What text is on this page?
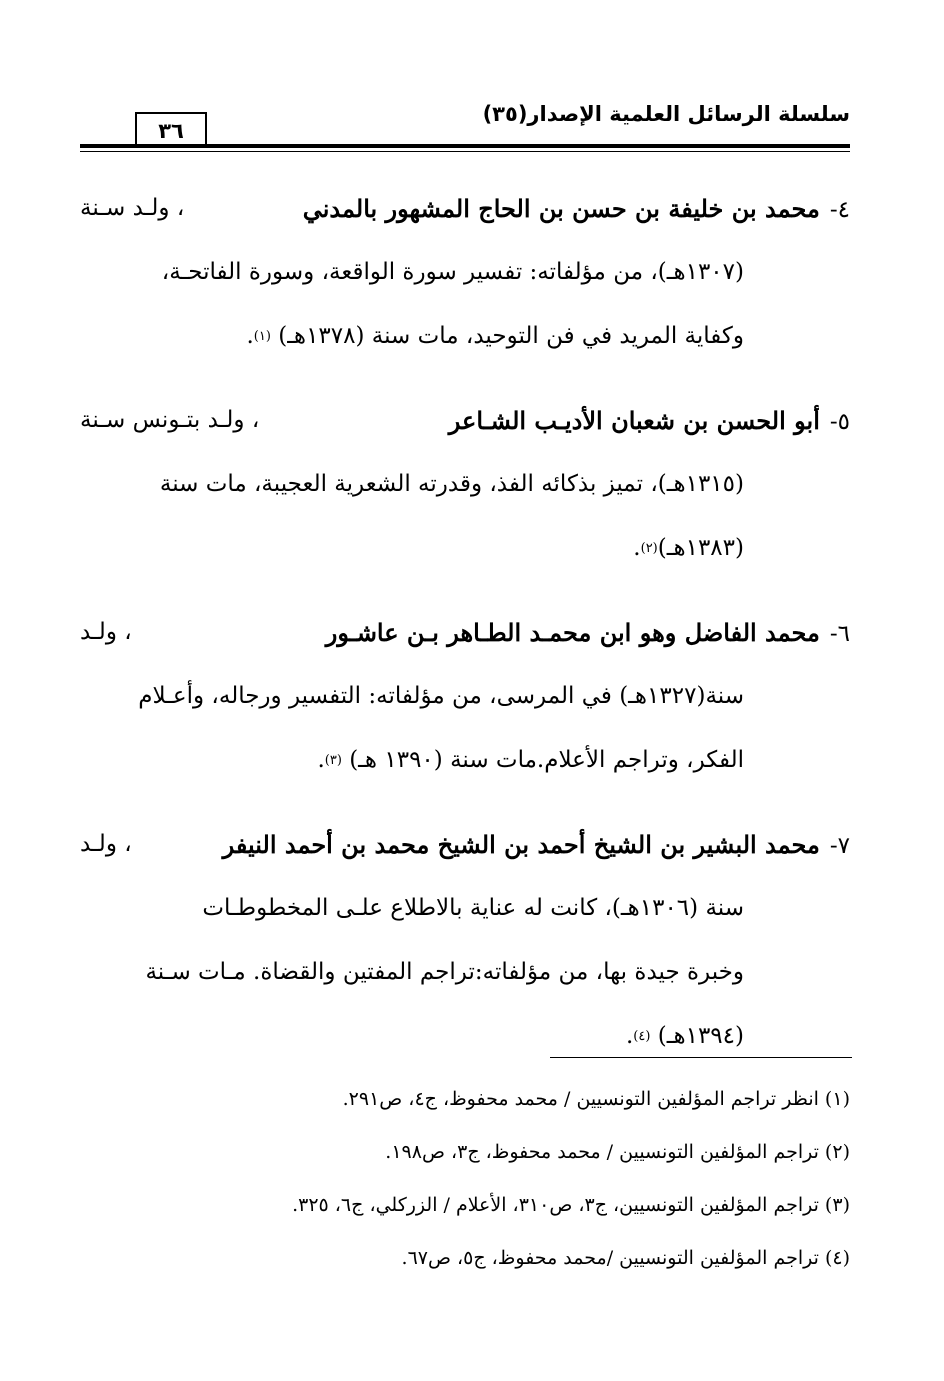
سلسلة الرسائل العلمية الإصدار(٣٥)
٣٦
٤-محمد بن خليفة بن حسن بن الحاج المشهور بالمدني
، ولـد سـنة
(١٣٠٧هـ)، من مؤلفاته: تفسير سورة الواقعة، وسورة الفاتحـة،
وكفاية المريد في فن التوحيد، مات سنة (١٣٧٨هـ)

(١)
.
٥-أبو الحسن بن شعبان الأديـب الشـاعر
، ولـد بتـونس سـنة
(١٣١٥هـ)، تميز بذكائه الفذ، وقدرته الشعرية العجيبة، مات سنة
(١٣٨٣هـ)
(٢)
.
٦-محمد الفاضل وهو ابن محمـد الطـاهر بـن عاشـور
، ولـد
سنة(١٣٢٧هـ) في المرسى، من مؤلفاته: التفسير ورجاله، وأعـلام
الفكر، وتراجم الأعلام.مات سنة (١٣٩٠ هـ)

(٣)
.
٧-محمد البشير بن الشيخ أحمد بن الشيخ محمد بن أحمد النيفر
، ولـد
سنة (١٣٠٦هـ)، كانت له عناية بالاطلاع علـى المخطوطـات
وخبرة جيدة بها، من مؤلفاته:تراجم المفتين والقضاة. مـات سـنة
(١٣٩٤هـ)

(٤)
.
(١) انظر تراجم المؤلفين التونسيين / محمد محفوظ، ج٤، ص٢٩١.
(٢) تراجم المؤلفين التونسيين / محمد محفوظ، ج٣، ص١٩٨.
(٣) تراجم المؤلفين التونسيين، ج٣، ص٣١٠، الأعلام / الزركلي، ج٦، ٣٢٥.
(٤) تراجم المؤلفين التونسيين /محمد محفوظ، ج٥، ص٦٧.
